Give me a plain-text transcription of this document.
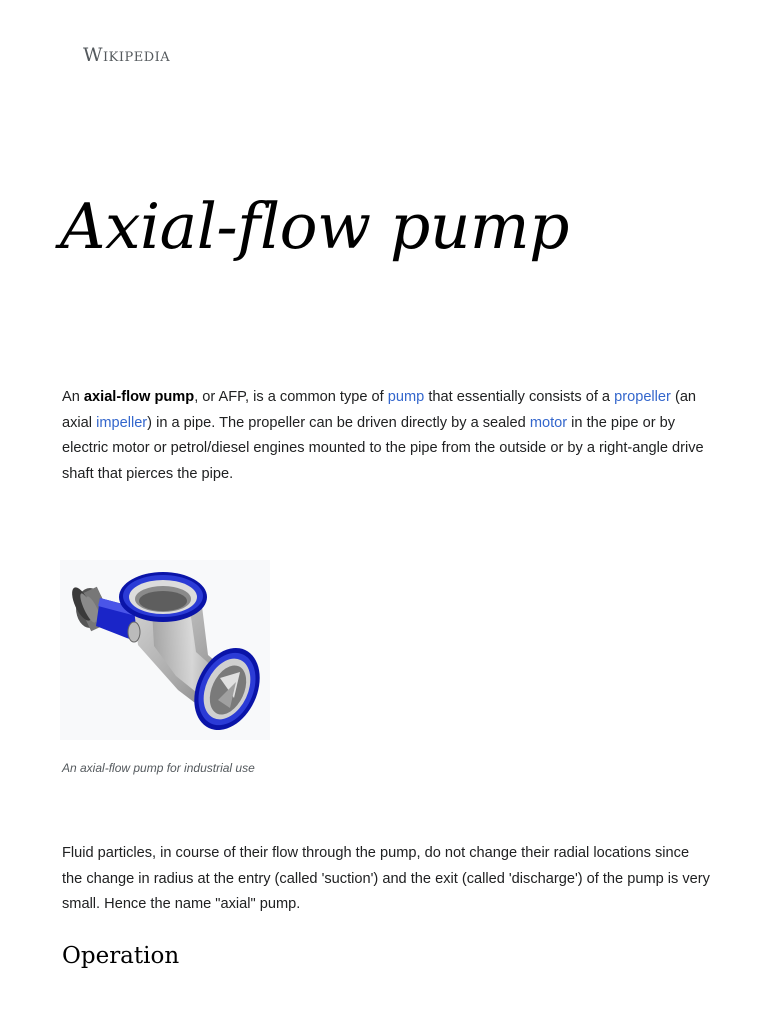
Wikipedia
Axial-flow pump

An axial-flow pump, or AFP, is a common type of pump that essentially consists of a propeller (an axial impeller) in a pipe. The propeller can be driven directly by a sealed motor in the pipe or by electric motor or petrol/diesel engines mounted to the pipe from the outside or by a right-angle drive shaft that pierces the pipe.

An axial-flow pump for industrial use

Fluid particles, in course of their flow through the pump, do not change their radial locations since the change in radius at the entry (called 'suction') and the exit (called 'discharge') of the pump is very small. Hence the name "axial" pump.

Operation
